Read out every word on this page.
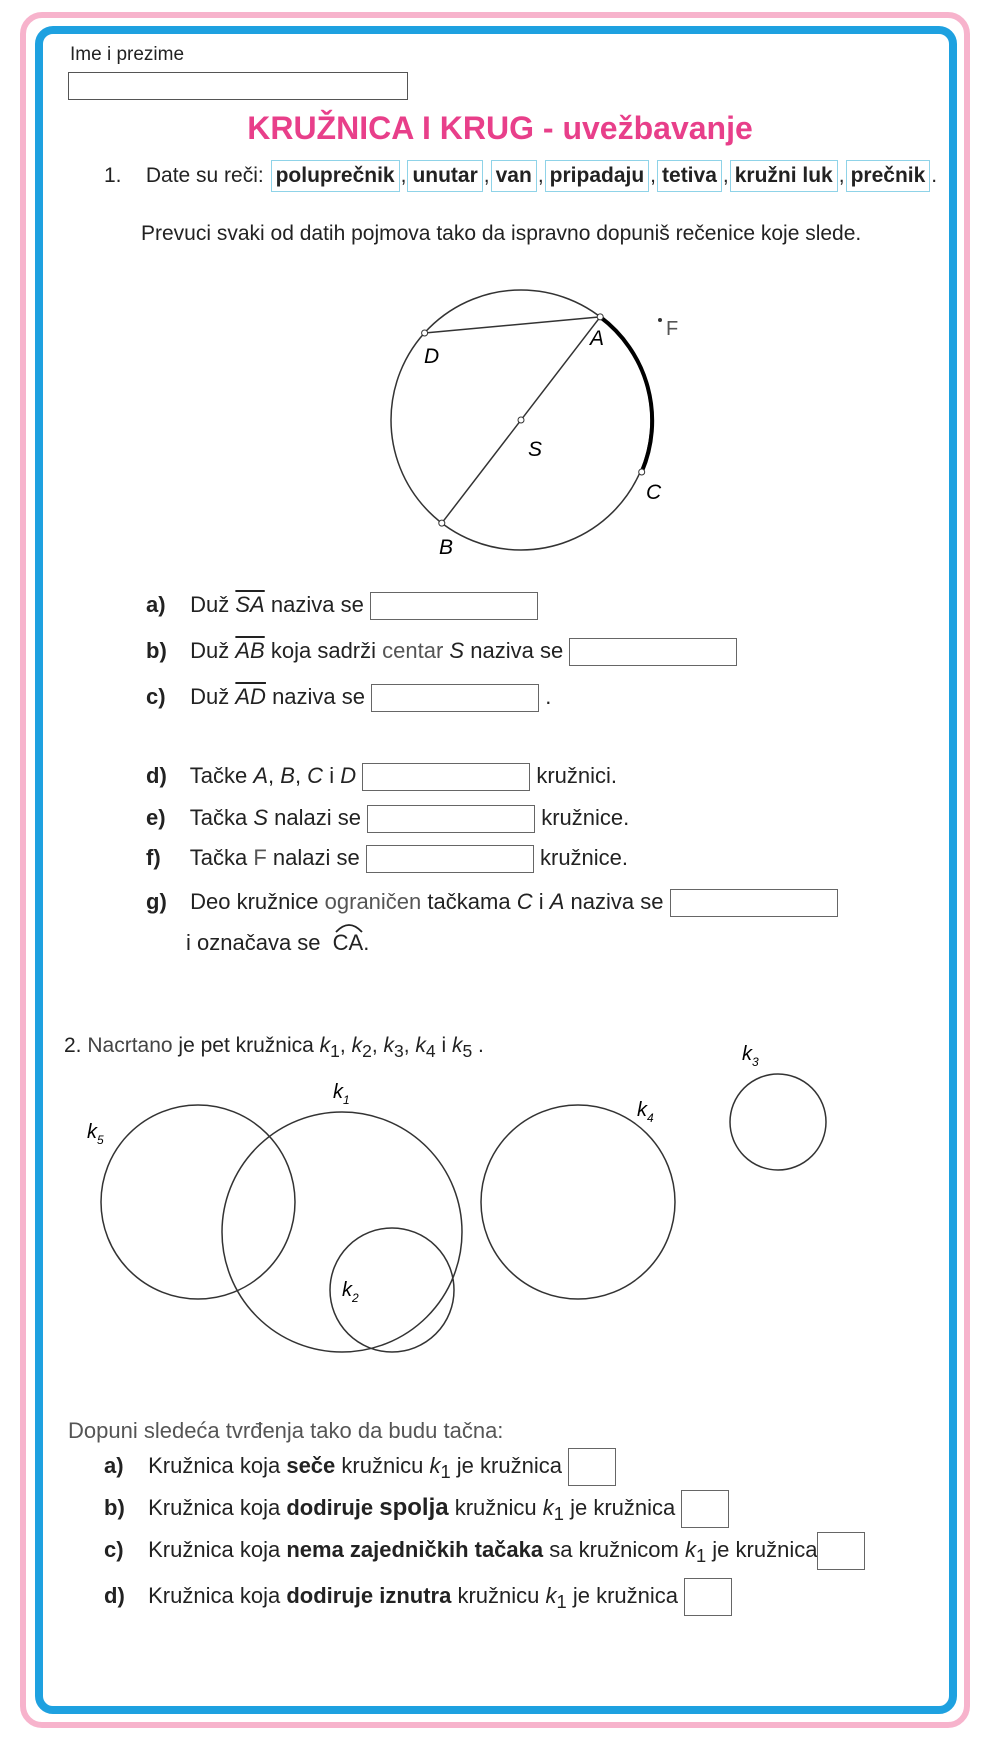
Ime i prezime
KRUŽNICA I KRUG - uvežbavanje
1. Date su reči: poluprečnik , unutar , van , pripadaju , tetiva , kružni luk , prečnik .
Prevuci svaki od datih pojmova tako da ispravno dopuniš rečenice koje slede.
A
B
C
D
S
F
a) Duž $\overline{SA}$ naziva se
b) Duž $\overline{AB}$ koja sadrži centar S naziva se
c) Duž $\overline{AD}$ naziva se	.
d) Tačke A, B, C i D	kružnici.
e) Tačka S nalazi se	kružnice.
f) Tačka F nalazi se	kružnice.
g) Deo kružnice ograničen tačkama C i A naziva se
i označava se CA.
2. Nacrtano je pet kružnica $k_1$, $k_2$, $k_3$, $k_4$ i $k_5$ .
$k_5$
$k_1$
$k_2$
$k_4$
$k_3$
Dopuni sledeća tvrđenja tako da budu tačna:
a) Kružnica koja seče kružnicu $k_1$ je kružnica
b) Kružnica koja dodiruje spolja kružnicu $k_1$ je kružnica
c) Kružnica koja nema zajedničkih tačaka sa kružnicom $k_1$ je kružnica
d) Kružnica koja dodiruje iznutra kružnicu $k_1$ je kružnica
